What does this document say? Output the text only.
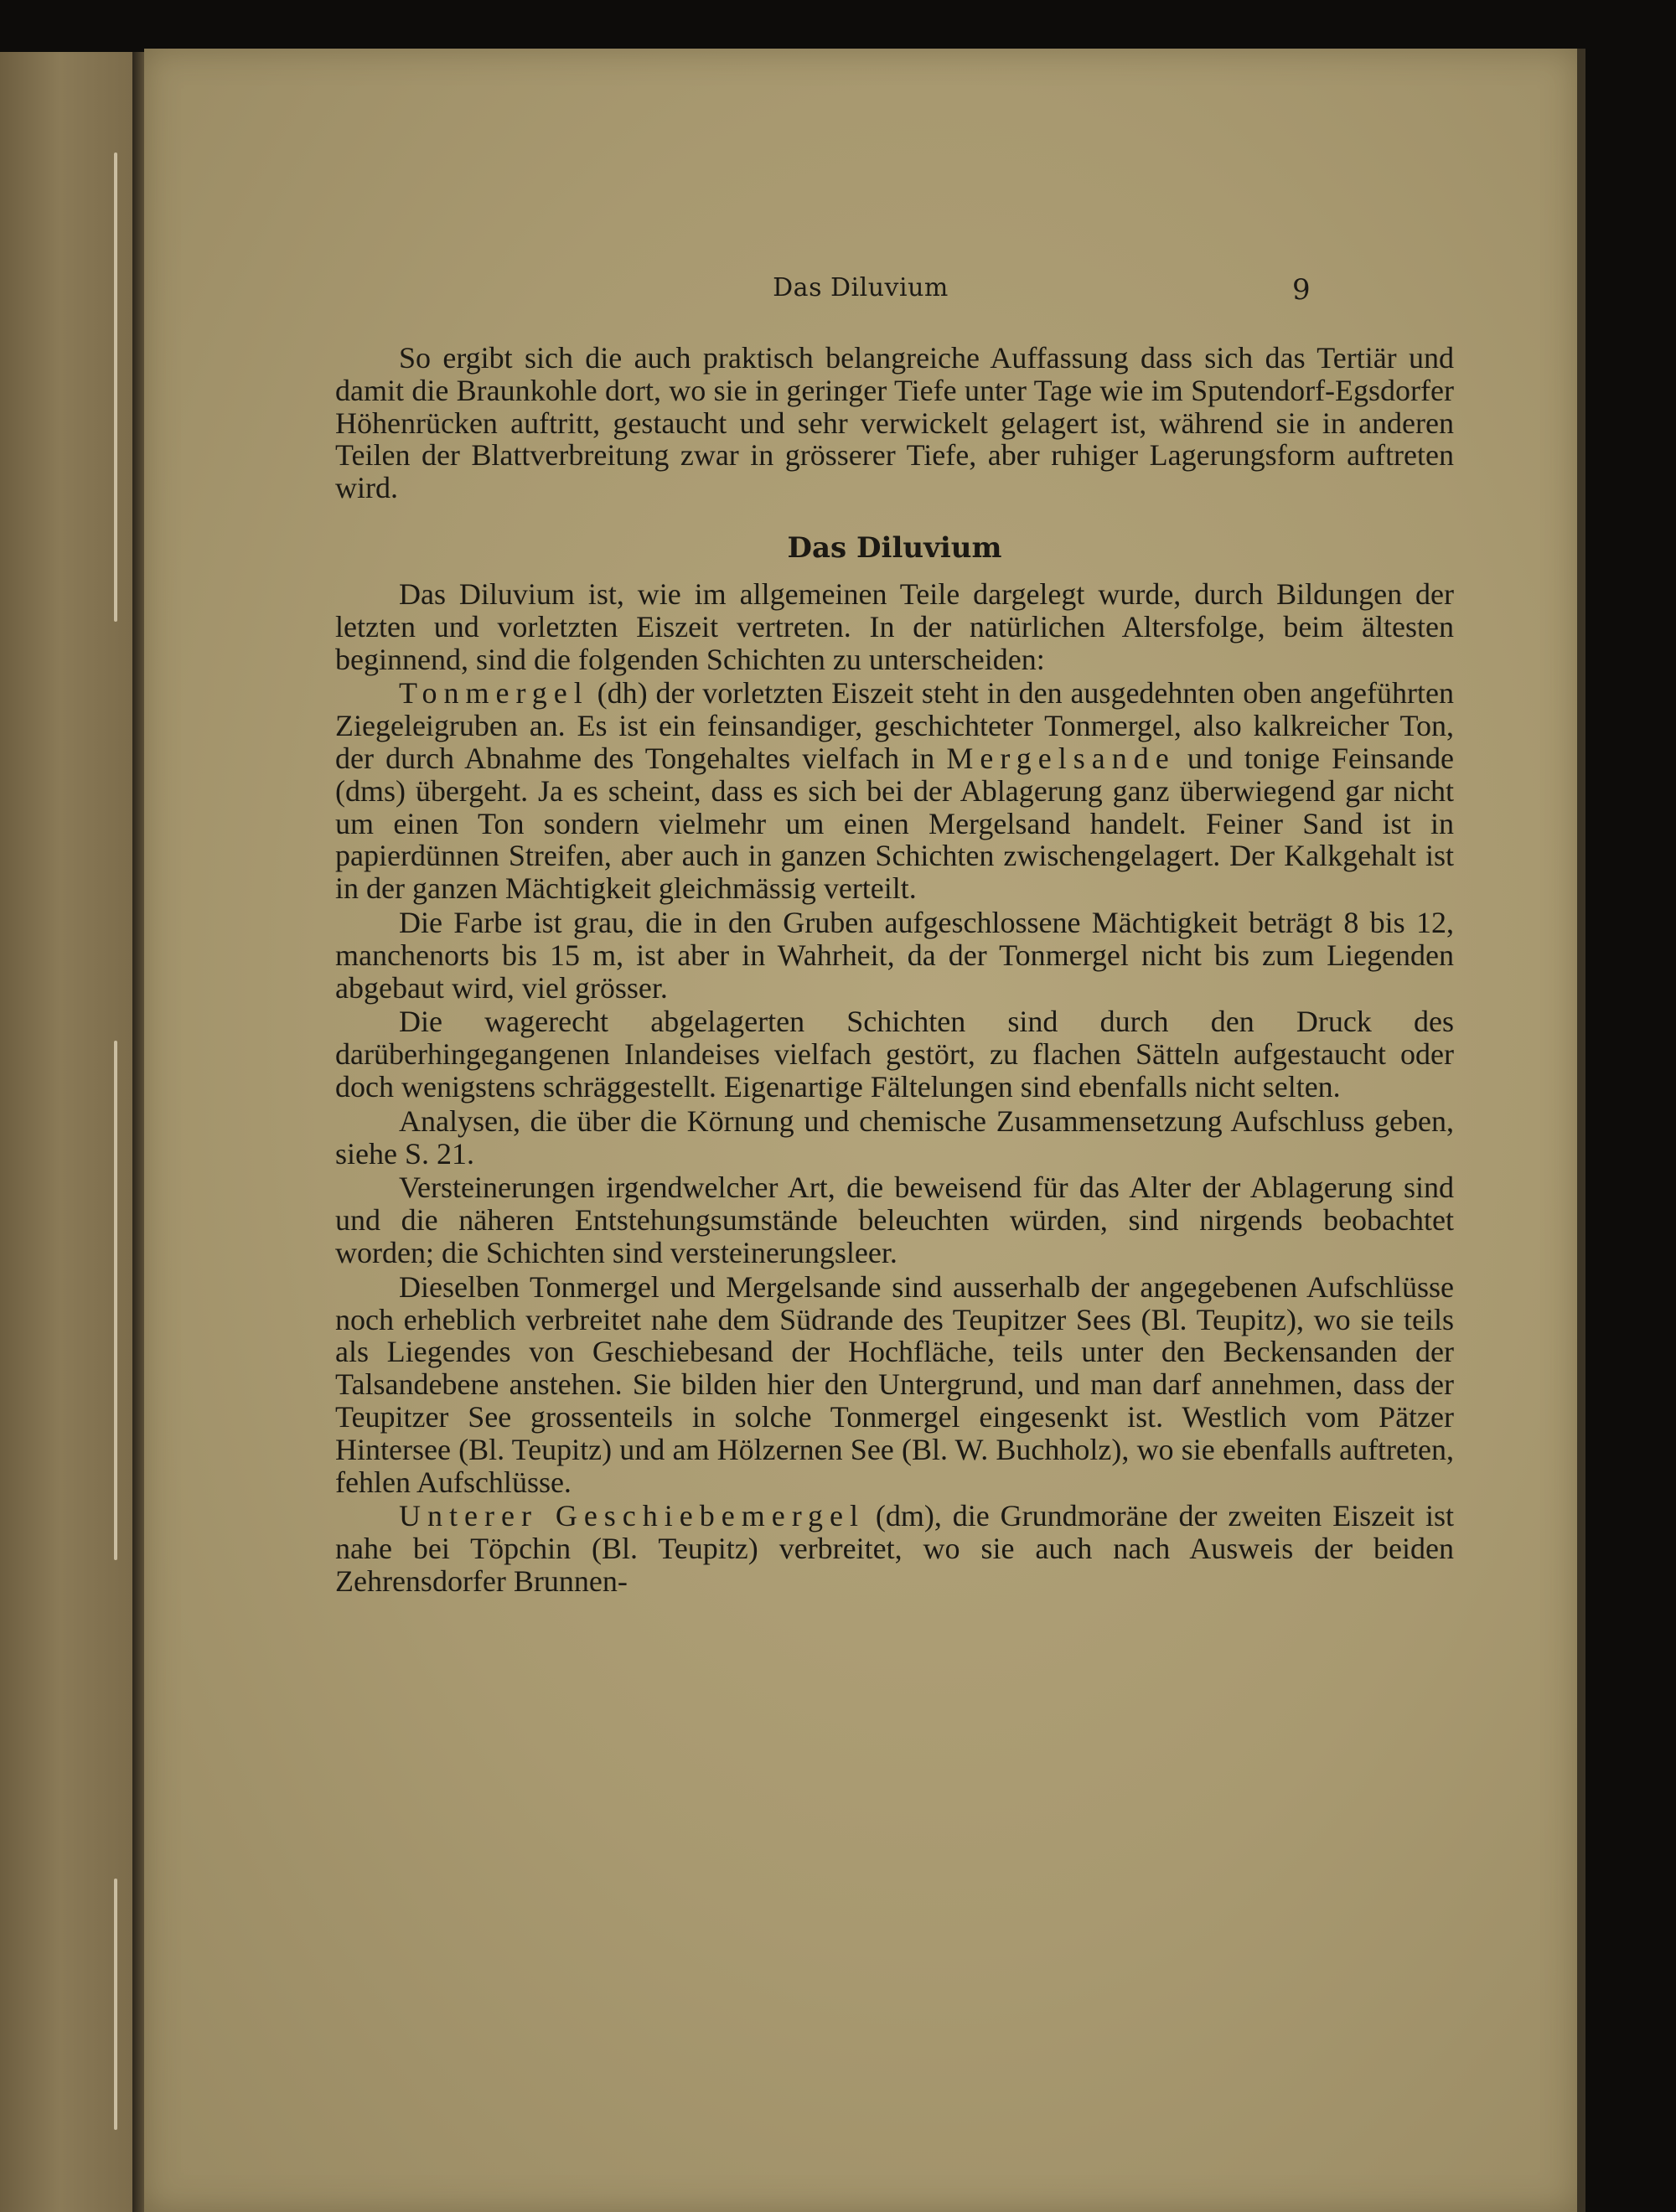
Das Diluvium	9

So ergibt sich die auch praktisch belangreiche Auffassung dass sich das Tertiär und damit die Braunkohle dort, wo sie in geringer Tiefe unter Tage wie im Sputendorf-Egsdorfer Höhenrücken auftritt, gestaucht und sehr verwickelt gelagert ist, während sie in anderen Teilen der Blattverbreitung zwar in grösserer Tiefe, aber ruhiger Lagerungsform auftreten wird.

Das Diluvium

Das Diluvium ist, wie im allgemeinen Teile dargelegt wurde, durch Bildungen der letzten und vorletzten Eiszeit vertreten. In der natürlichen Altersfolge, beim ältesten beginnend, sind die folgenden Schichten zu unterscheiden:

Tonmergel (dh) der vorletzten Eiszeit steht in den ausgedehnten oben angeführten Ziegeleigruben an. Es ist ein feinsandiger, geschichteter Tonmergel, also kalkreicher Ton, der durch Abnahme des Tongehaltes vielfach in Mergelsande und tonige Feinsande (dms) übergeht. Ja es scheint, dass es sich bei der Ablagerung ganz überwiegend gar nicht um einen Ton sondern vielmehr um einen Mergelsand handelt. Feiner Sand ist in papierdünnen Streifen, aber auch in ganzen Schichten zwischengelagert. Der Kalkgehalt ist in der ganzen Mächtigkeit gleichmässig verteilt.

Die Farbe ist grau, die in den Gruben aufgeschlossene Mächtigkeit beträgt 8 bis 12, manchenorts bis 15 m, ist aber in Wahrheit, da der Tonmergel nicht bis zum Liegenden abgebaut wird, viel grösser.

Die wagerecht abgelagerten Schichten sind durch den Druck des darüberhingegangenen Inlandeises vielfach gestört, zu flachen Sätteln aufgestaucht oder doch wenigstens schräggestellt. Eigenartige Fältelungen sind ebenfalls nicht selten.

Analysen, die über die Körnung und chemische Zusammensetzung Aufschluss geben, siehe S. 21.

Versteinerungen irgendwelcher Art, die beweisend für das Alter der Ablagerung sind und die näheren Entstehungsumstände beleuchten würden, sind nirgends beobachtet worden; die Schichten sind versteinerungsleer.

Dieselben Tonmergel und Mergelsande sind ausserhalb der angegebenen Aufschlüsse noch erheblich verbreitet nahe dem Südrande des Teupitzer Sees (Bl. Teupitz), wo sie teils als Liegendes von Geschiebesand der Hochfläche, teils unter den Beckensanden der Talsandebene anstehen. Sie bilden hier den Untergrund, und man darf annehmen, dass der Teupitzer See grossenteils in solche Tonmergel eingesenkt ist. Westlich vom Pätzer Hintersee (Bl. Teupitz) und am Hölzernen See (Bl. W. Buchholz), wo sie ebenfalls auftreten, fehlen Aufschlüsse.

Unterer Geschiebemergel (dm), die Grundmoräne der zweiten Eiszeit ist nahe bei Töpchin (Bl. Teupitz) verbreitet, wo sie auch nach Ausweis der beiden Zehrensdorfer Brunnen-
